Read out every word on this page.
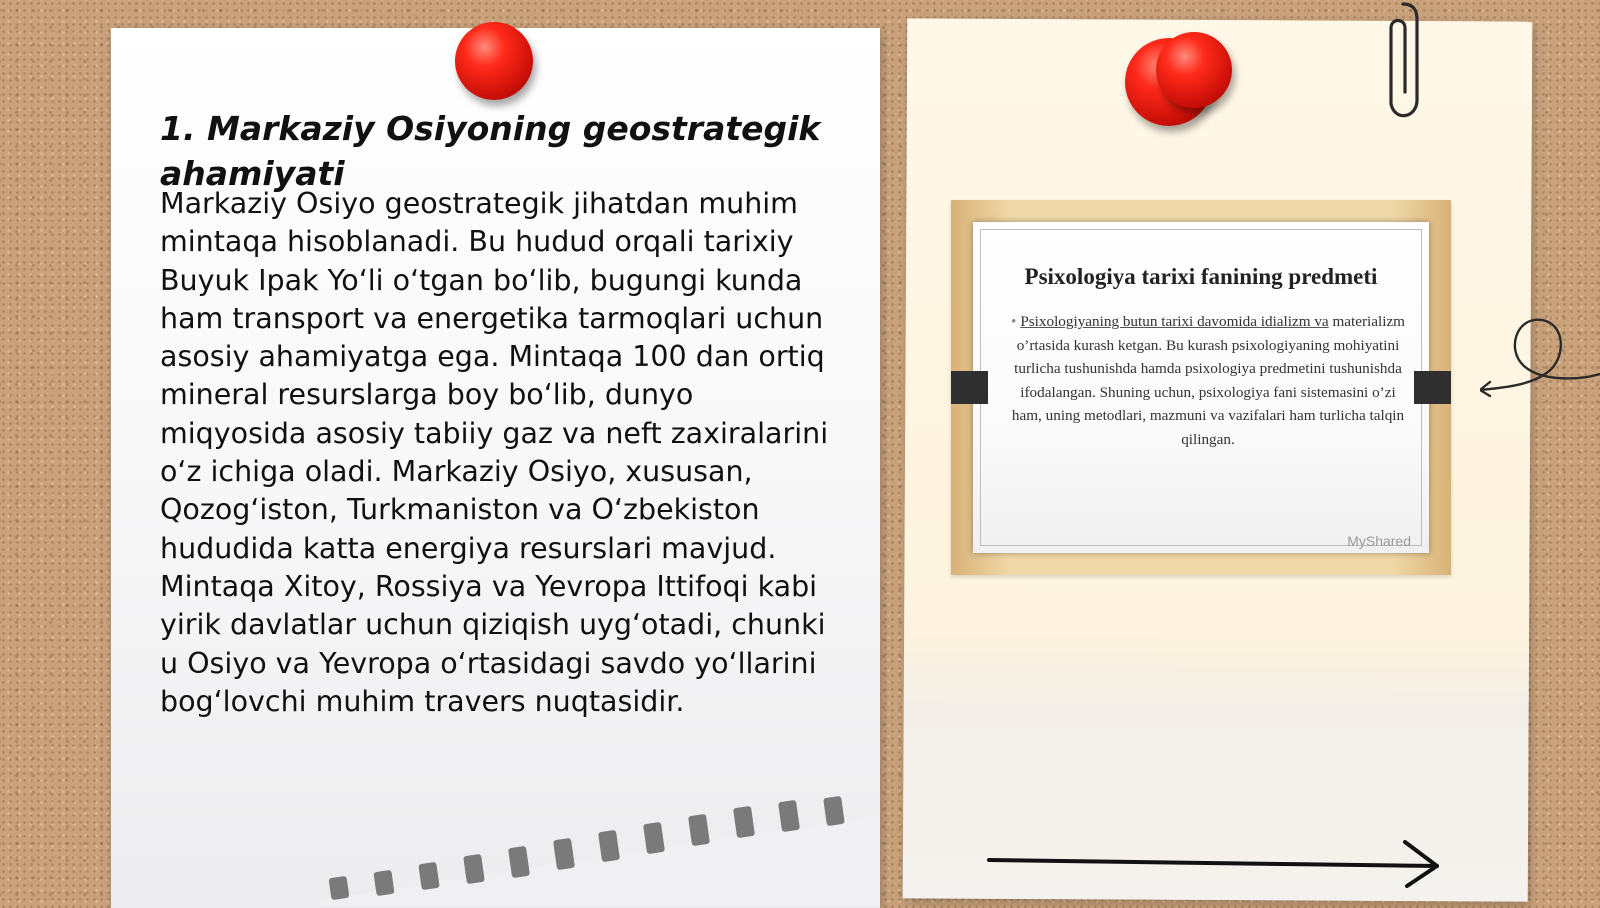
1. Markaziy Osiyoning geostrategik ahamiyati

Markaziy Osiyo geostrategik jihatdan muhim mintaqa hisoblanadi. Bu hudud orqali tarixiy Buyuk Ipak Yo‘li o‘tgan bo‘lib, bugungi kunda ham transport va energetika tarmoqlari uchun asosiy ahamiyatga ega. Mintaqa 100 dan ortiq mineral resurslarga boy bo‘lib, dunyo miqyosida asosiy tabiiy gaz va neft zaxiralarini o‘z ichiga oladi. Markaziy Osiyo, xususan, Qozog‘iston, Turkmaniston va O‘zbekiston hududida katta energiya resurslari mavjud. Mintaqa Xitoy, Rossiya va Yevropa Ittifoqi kabi yirik davlatlar uchun qiziqish uyg‘otadi, chunki u Osiyo va Yevropa o‘rtasidagi savdo yo‘llarini bog‘lovchi muhim travers nuqtasidir.

Psixologiya tarixi fanining predmeti
• Psixologiyaning butun tarixi davomida idializm va materializm o’rtasida kurash ketgan. Bu kurash psixologiyaning mohiyatini turlicha tushunishda hamda psixologiya predmetini tushunishda ifodalangan. Shuning uchun, psixologiya fani sistemasini o’zi ham, uning metodlari, mazmuni va vazifalari ham turlicha talqin qilingan.
MyShared
